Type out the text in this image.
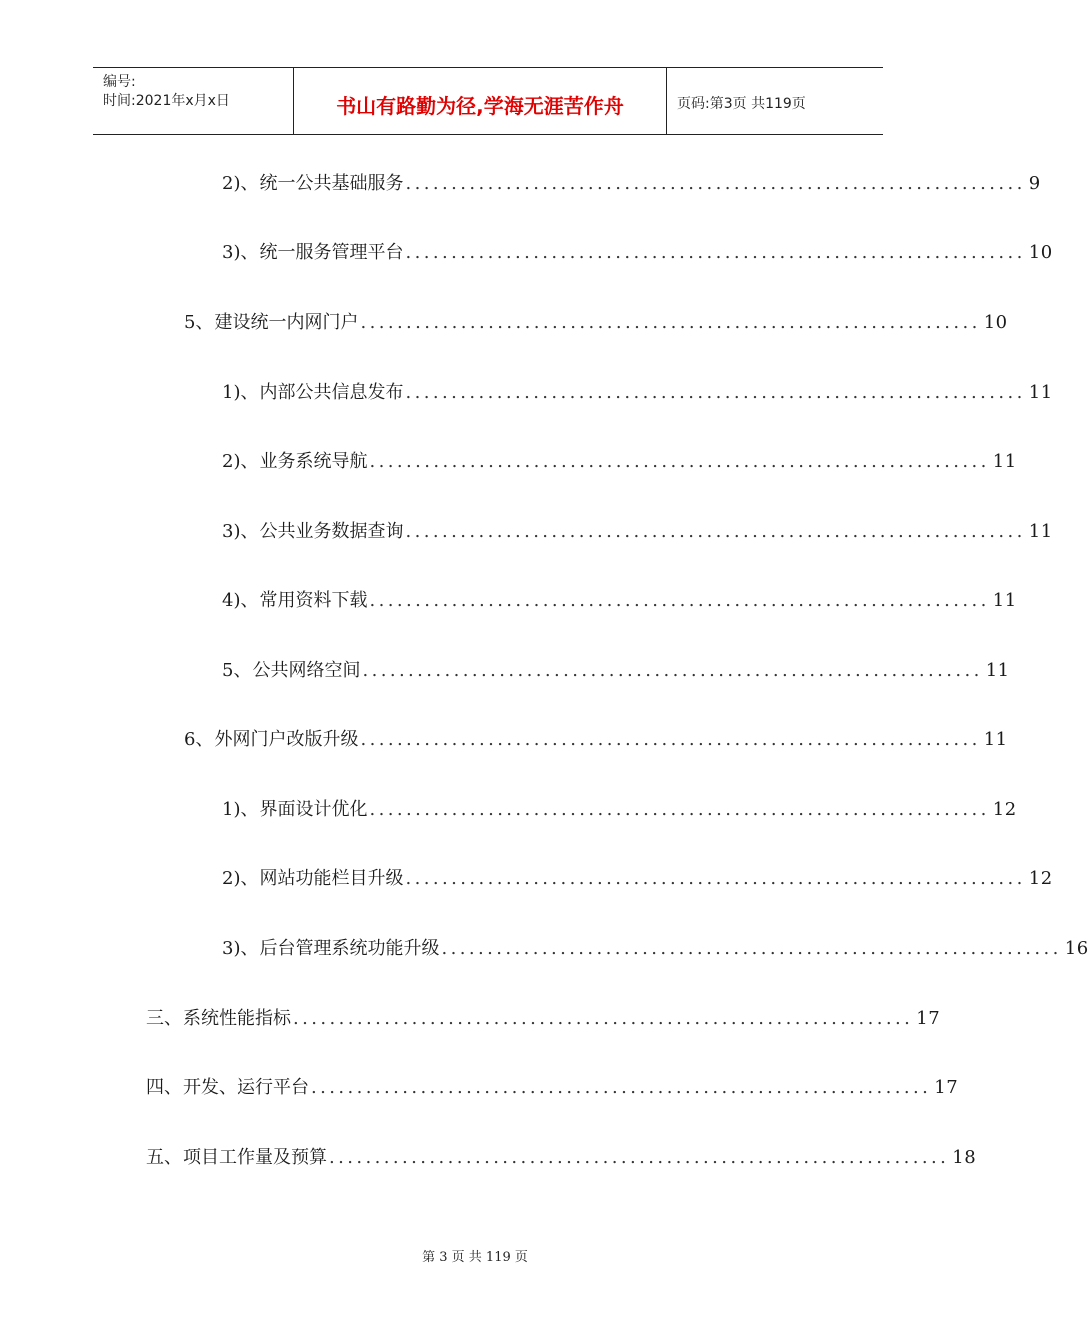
编号:
时间:2021年x月x日	书山有路勤为径,学海无涯苦作舟	页码:第3页 共119页
2)、 统一公共基础服务 .................................................................... 9
3)、 统一服务管理平台 .................................................................... 10
5、 建设统一内网门户 .................................................................... 10
1)、 内部公共信息发布 .................................................................... 11
2)、 业务系统导航 .................................................................... 11
3)、 公共业务数据查询 .................................................................... 11
4)、 常用资料下载 .................................................................... 11
5、 公共网络空间 .................................................................... 11
6、 外网门户改版升级 .................................................................... 11
1)、 界面设计优化 .................................................................... 12
2)、 网站功能栏目升级 .................................................................... 12
3)、 后台管理系统功能升级 .................................................................... 16
三、 系统性能指标 .................................................................... 17
四、 开发、运行平台 .................................................................... 17
五、 项目工作量及预算 .................................................................... 18
第 3 页 共 119 页
